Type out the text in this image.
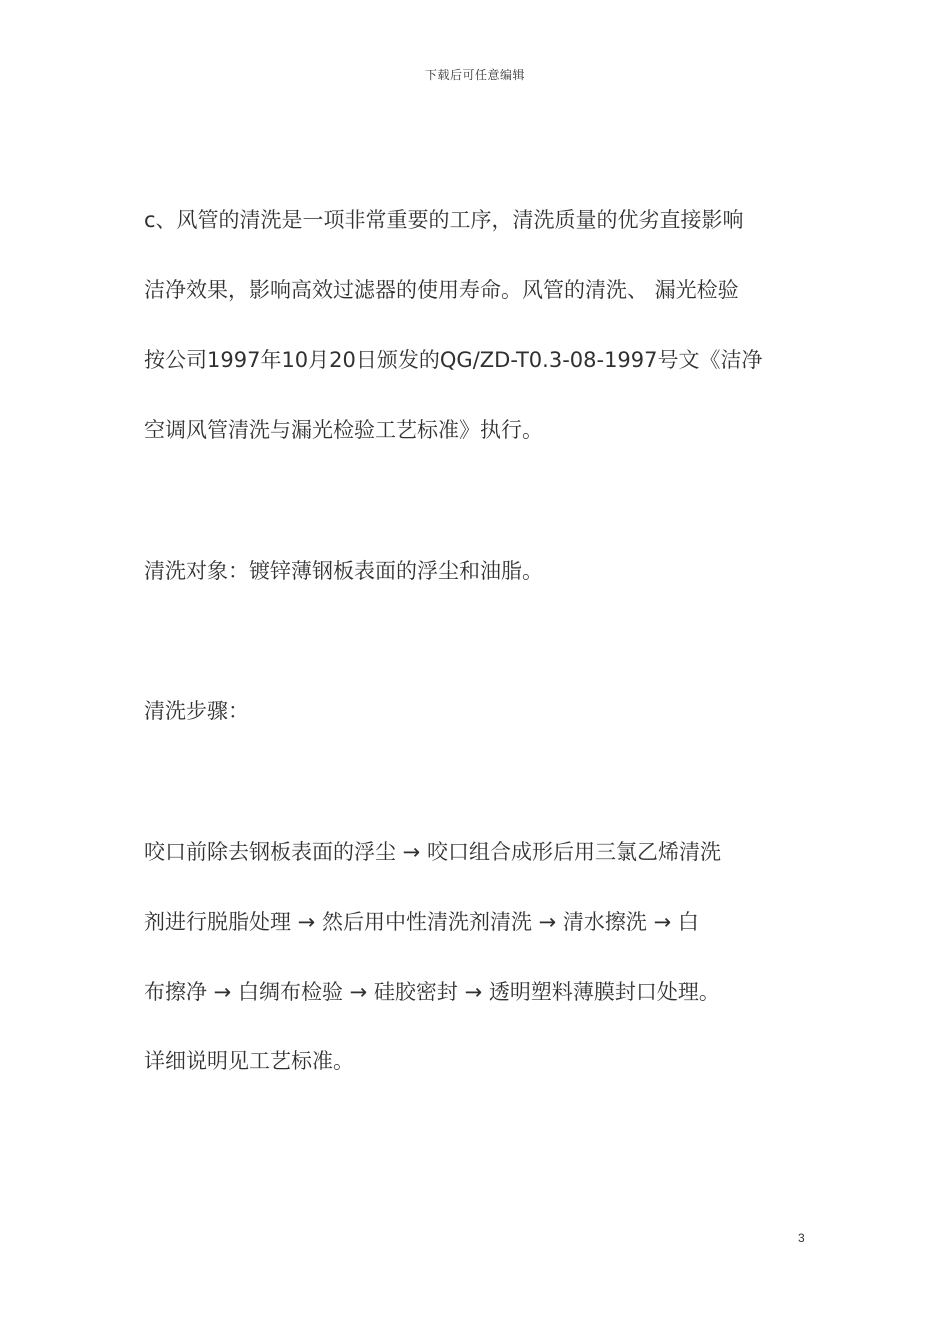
下载后可任意编辑
c、风管的清洗是一项非常重要的工序，清洗质量的优劣直接影响
洁净效果，影响高效过滤器的使用寿命。风管的清洗、 漏光检验
按公司1997年10月20日颁发的QG/ZD-T0.3-08-1997号文《洁净
空调风管清洗与漏光检验工艺标准》执行。
清洗对象：镀锌薄钢板表面的浮尘和油脂。
清洗步骤：
咬口前除去钢板表面的浮尘 → 咬口组合成形后用三氯乙烯清洗
剂进行脱脂处理 → 然后用中性清洗剂清洗 → 清水擦洗 → 白
布擦净 → 白绸布检验 → 硅胶密封 → 透明塑料薄膜封口处理。
详细说明见工艺标准。
3
